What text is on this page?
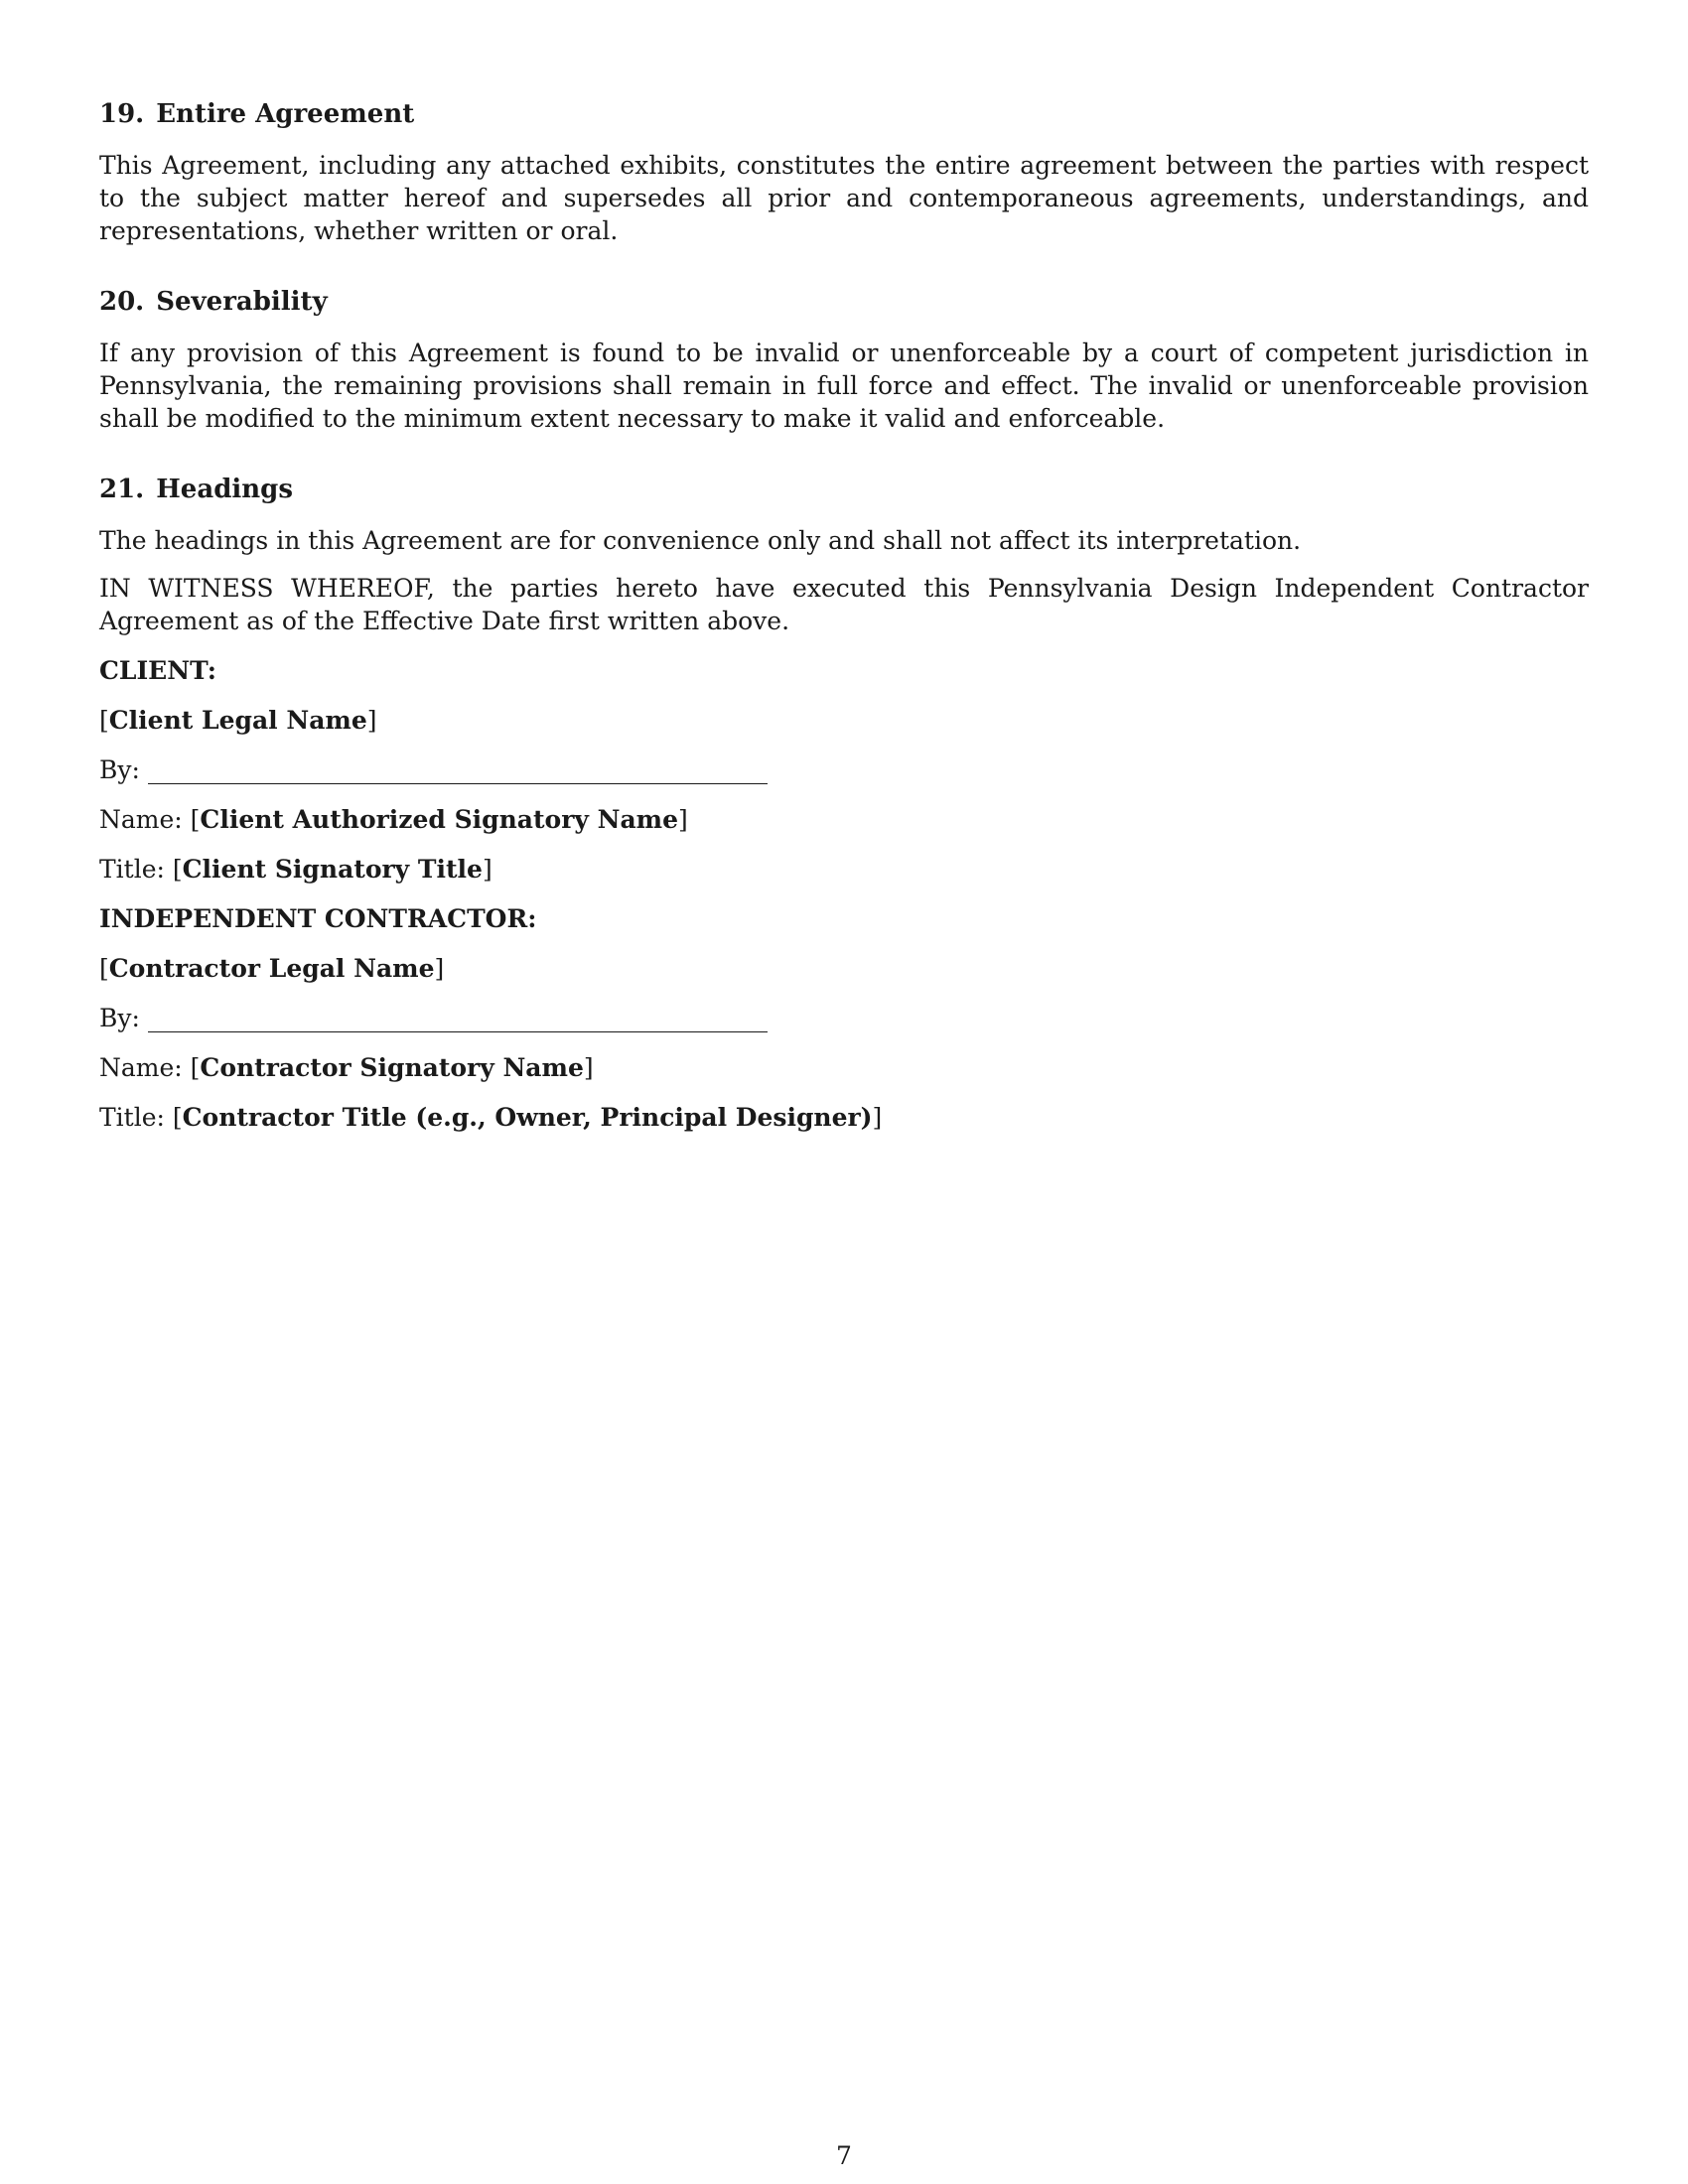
19. Entire Agreement

This Agreement, including any attached exhibits, constitutes the entire agreement between the parties with respect to the subject matter hereof and supersedes all prior and contemporaneous agreements, understandings, and representations, whether written or oral.

20. Severability

If any provision of this Agreement is found to be invalid or unenforceable by a court of competent jurisdiction in Pennsylvania, the remaining provisions shall remain in full force and effect. The invalid or unenforceable provision shall be modified to the minimum extent necessary to make it valid and enforceable.

21. Headings

The headings in this Agreement are for convenience only and shall not affect its interpretation.

IN WITNESS WHEREOF, the parties hereto have executed this Pennsylvania Design Independent Contractor Agreement as of the Effective Date first written above.

CLIENT:

[Client Legal Name]

By:

Name: [Client Authorized Signatory Name]

Title: [Client Signatory Title]

INDEPENDENT CONTRACTOR:

[Contractor Legal Name]

By:

Name: [Contractor Signatory Name]

Title: [Contractor Title (e.g., Owner, Principal Designer)]

7
